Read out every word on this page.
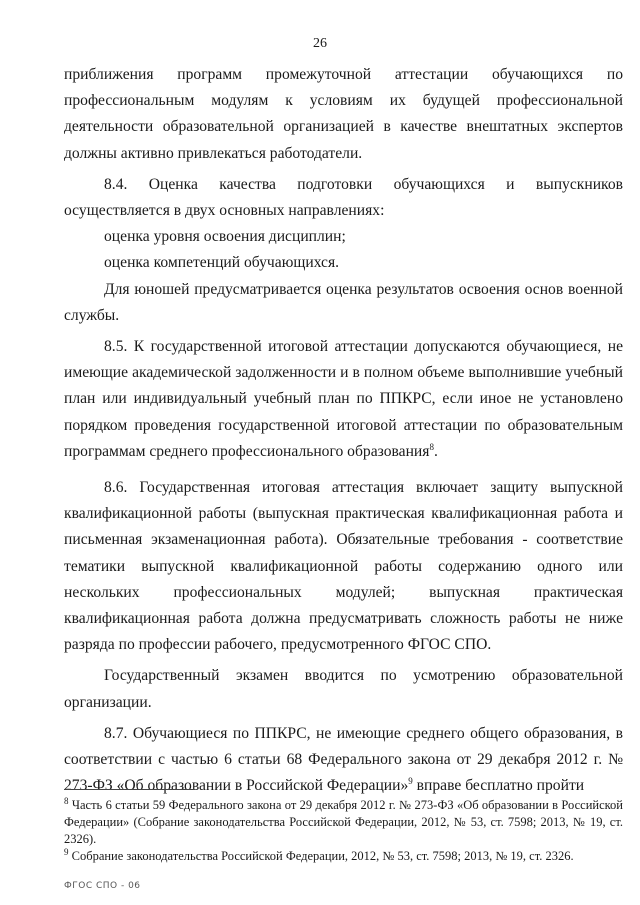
26

приближения программ промежуточной аттестации обучающихся по профессиональным модулям к условиям их будущей профессиональной деятельности образовательной организацией в качестве внештатных экспертов должны активно привлекаться работодатели.

8.4. Оценка качества подготовки обучающихся и выпускников осуществляется в двух основных направлениях:

оценка уровня освоения дисциплин;

оценка компетенций обучающихся.

Для юношей предусматривается оценка результатов освоения основ военной службы.

8.5. К государственной итоговой аттестации допускаются обучающиеся, не имеющие академической задолженности и в полном объеме выполнившие учебный план или индивидуальный учебный план по ППКРС, если иное не установлено порядком проведения государственной итоговой аттестации по образовательным программам среднего профессионального образования$^8$.

8.6. Государственная итоговая аттестация включает защиту выпускной квалификационной работы (выпускная практическая квалификационная работа и письменная экзаменационная работа). Обязательные требования - соответствие тематики выпускной квалификационной работы содержанию одного или нескольких профессиональных модулей; выпускная практическая квалификационная работа должна предусматривать сложность работы не ниже разряда по профессии рабочего, предусмотренного ФГОС СПО.

Государственный экзамен вводится по усмотрению образовательной организации.

8.7. Обучающиеся по ППКРС, не имеющие среднего общего образования, в соответствии с частью 6 статьи 68 Федерального закона от 29 декабря 2012 г. № 273-ФЗ «Об образовании в Российской Федерации»$^9$ вправе бесплатно пройти

$^8$ Часть 6 статьи 59 Федерального закона от 29 декабря 2012 г. № 273-ФЗ «Об образовании в Российской Федерации» (Собрание законодательства Российской Федерации, 2012, № 53, ст. 7598; 2013, № 19, ст. 2326).

$^9$ Собрание законодательства Российской Федерации, 2012, № 53, ст. 7598; 2013, № 19, ст. 2326.

ФГОС СПО - 06
